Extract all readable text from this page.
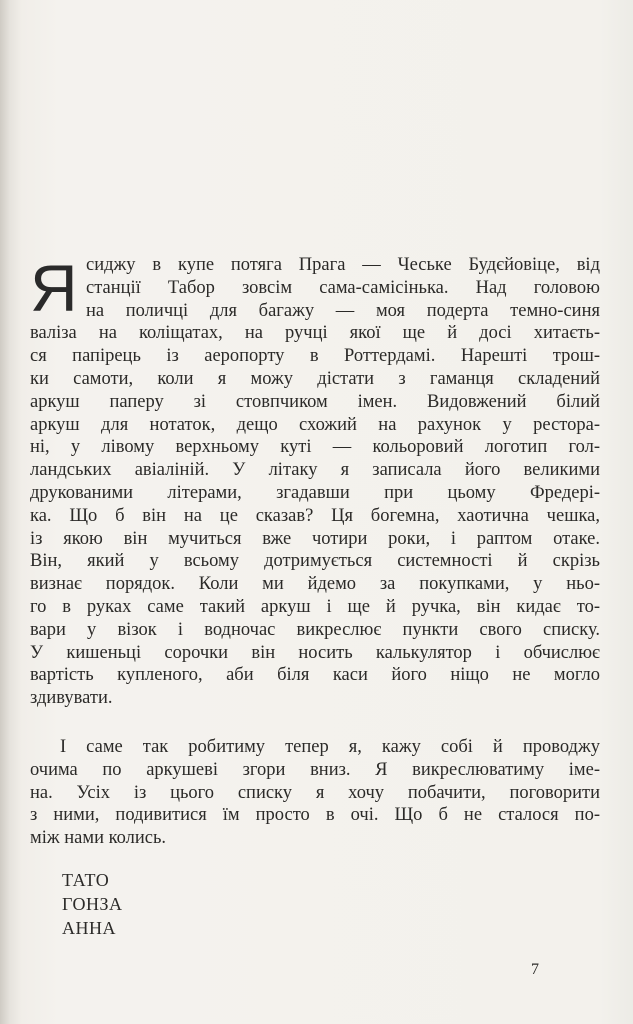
Я сиджу в купе потяга Прага — Чеське Будєйовіце, від
станції Табор зовсім сама-самісінька. Над головою
на поличці для багажу — моя подерта темно-синя
валіза на коліщатах, на ручці якої ще й досі хитаєть-
ся папірець із аеропорту в Роттердамі. Нарешті трош-
ки самоти, коли я можу дістати з гаманця складений
аркуш паперу зі стовпчиком імен. Видовжений білий
аркуш для нотаток, дещо схожий на рахунок у рестора-
ні, у лівому верхньому куті — кольоровий логотип гол-
ландських авіаліній. У літаку я записала його великими
друкованими літерами, згадавши при цьому Фредері-
ка. Що б він на це сказав? Ця богемна, хаотична чешка,
із якою він мучиться вже чотири роки, і раптом отаке.
Він, який у всьому дотримується системності й скрізь
визнає порядок. Коли ми йдемо за покупками, у ньо-
го в руках саме такий аркуш і ще й ручка, він кидає то-
вари у візок і водночас викреслює пункти свого списку.
У кишеньці сорочки він носить калькулятор і обчислює
вартість купленого, аби біля каси його ніщо не могло
здивувати.
І саме так робитиму тепер я, кажу собі й проводжу
очима по аркушеві згори вниз. Я викреслюватиму іме-
на. Усіх із цього списку я хочу побачити, поговорити
з ними, подивитися їм просто в очі. Що б не сталося по-
між нами колись.
ТАТО
ГОНЗА
АННА
7
